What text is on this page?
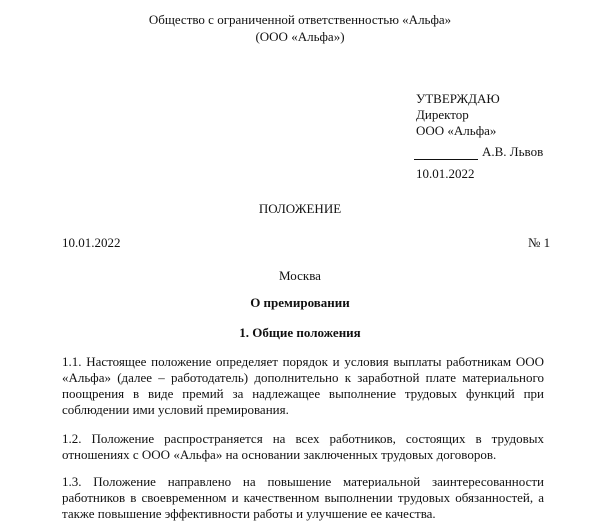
Общество с ограниченной ответственностью «Альфа»
(ООО «Альфа»)
УТВЕРЖДАЮ
Директор
ООО «Альфа»
А.В. Львов
10.01.2022
ПОЛОЖЕНИЕ
10.01.2022	№ 1
Москва
О премировании
1. Общие положения
1.1. Настоящее положение определяет порядок и условия выплаты работникам ООО «Альфа» (далее – работодатель) дополнительно к заработной плате материального поощрения в виде премий за надлежащее выполнение трудовых функций при соблюдении ими условий премирования.
1.2. Положение распространяется на всех работников, состоящих в трудовых отношениях с ООО «Альфа» на основании заключенных трудовых договоров.
1.3. Положение направлено на повышение материальной заинтересованности работников в своевременном и качественном выполнении трудовых обязанностей, а также повышение эффективности работы и улучшение ее качества.
